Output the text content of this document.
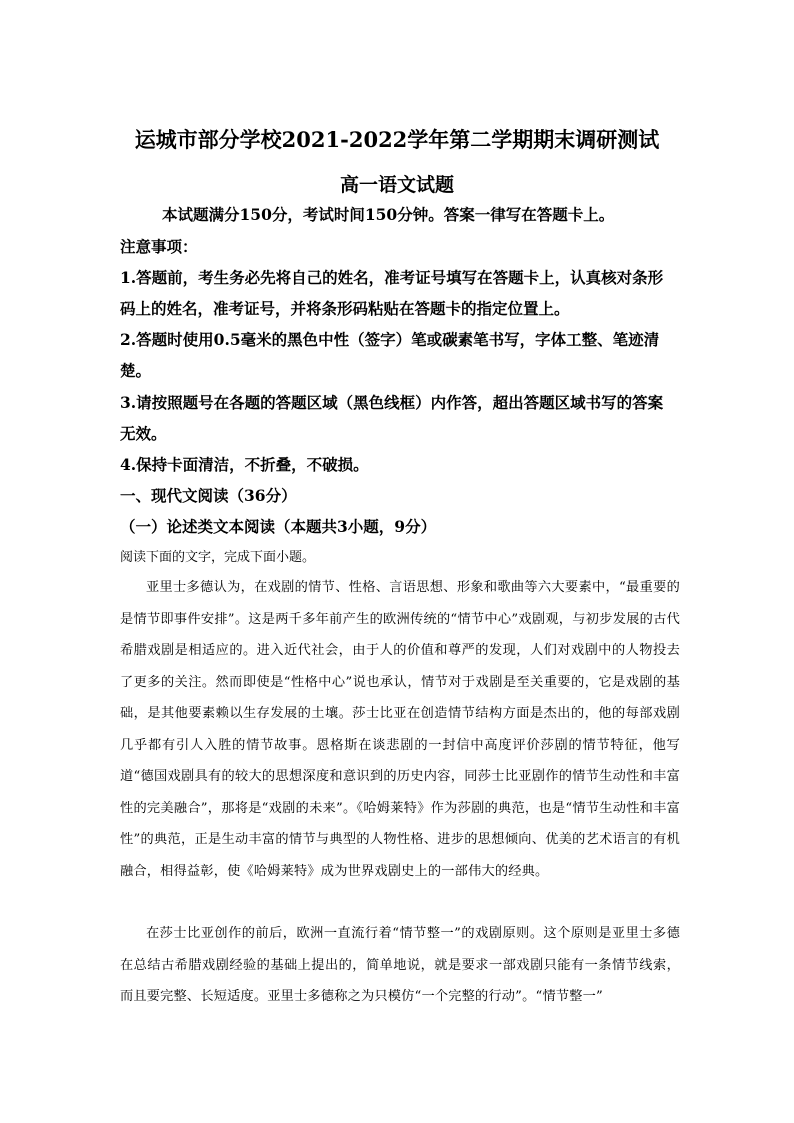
运城市部分学校2021-2022学年第二学期期末调研测试
高一语文试题
本试题满分150分，考试时间150分钟。答案一律写在答题卡上。
注意事项：
1.答题前，考生务必先将自己的姓名，准考证号填写在答题卡上，认真核对条形
码上的姓名，准考证号，并将条形码粘贴在答题卡的指定位置上。
2.答题时使用0.5毫米的黑色中性（签字）笔或碳素笔书写，字体工整、笔迹清
楚。
3.请按照题号在各题的答题区域（黑色线框）内作答，超出答题区域书写的答案
无效。
4.保持卡面清洁，不折叠，不破损。
一、现代文阅读（36分）
（一）论述类文本阅读（本题共3小题，9分）
阅读下面的文字，完成下面小题。
亚里士多德认为，在戏剧的情节、性格、言语思想、形象和歌曲等六大要素中，“最重要的是情节即事件安排”。这是两千多年前产生的欧洲传统的“情节中心”戏剧观，与初步发展的古代希腊戏剧是相适应的。进入近代社会，由于人的价值和尊严的发现，人们对戏剧中的人物投去了更多的关注。然而即使是“性格中心”说也承认，情节对于戏剧是至关重要的，它是戏剧的基础，是其他要素赖以生存发展的土壤。莎士比亚在创造情节结构方面是杰出的，他的每部戏剧几乎都有引人入胜的情节故事。恩格斯在谈悲剧的一封信中高度评价莎剧的情节特征，他写道“德国戏剧具有的较大的思想深度和意识到的历史内容，同莎士比亚剧作的情节生动性和丰富性的完美融合”，那将是“戏剧的未来”。《哈姆莱特》作为莎剧的典范，也是“情节生动性和丰富性”的典范，正是生动丰富的情节与典型的人物性格、进步的思想倾向、优美的艺术语言的有机融合，相得益彰，使《哈姆莱特》成为世界戏剧史上的一部伟大的经典。
在莎士比亚创作的前后，欧洲一直流行着“情节整一”的戏剧原则。这个原则是亚里士多德在总结古希腊戏剧经验的基础上提出的，简单地说，就是要求一部戏剧只能有一条情节线索，而且要完整、长短适度。亚里士多德称之为只模仿“一个完整的行动”。“情节整一”
